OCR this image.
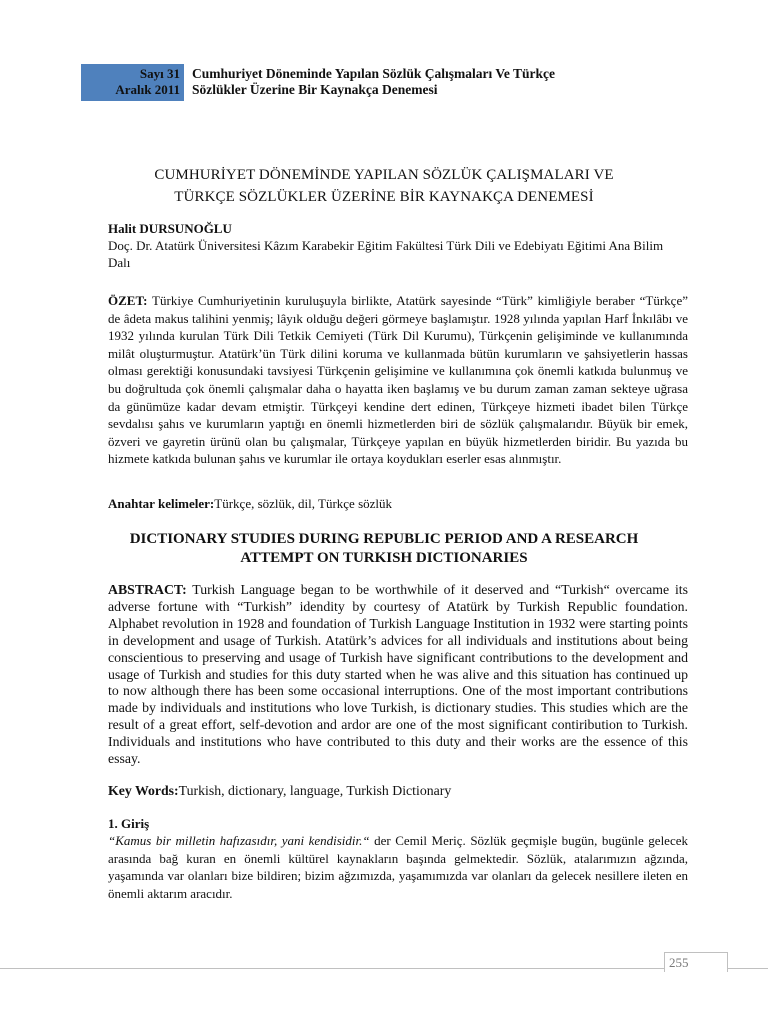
Sayı 31
Aralık 2011
Cumhuriyet Döneminde Yapılan Sözlük Çalışmaları Ve Türkçe
Sözlükler Üzerine Bir Kaynakça Denemesi
CUMHURİYET DÖNEMİNDE YAPILAN SÖZLÜK ÇALIŞMALARI VE
TÜRKÇE SÖZLÜKLER ÜZERİNE BİR KAYNAKÇA DENEMESİ
Halit DURSUNOĞLU
Doç. Dr. Atatürk Üniversitesi Kâzım Karabekir Eğitim Fakültesi Türk Dili ve Edebiyatı Eğitimi Ana Bilim Dalı
ÖZET: Türkiye Cumhuriyetinin kuruluşuyla birlikte, Atatürk sayesinde “Türk” kimliğiyle beraber “Türkçe” de âdeta makus talihini yenmiş; lâyık olduğu değeri görmeye başlamıştır. 1928 yılında yapılan Harf İnkılâbı ve 1932 yılında kurulan Türk Dili Tetkik Cemiyeti (Türk Dil Kurumu), Türkçenin gelişiminde ve kullanımında milât oluşturmuştur. Atatürk’ün Türk dilini koruma ve kullanmada bütün kurumların ve şahsiyetlerin hassas olması gerektiği konusundaki tavsiyesi Türkçenin gelişimine ve kullanımına çok önemli katkıda bulunmuş ve bu doğrultuda çok önemli çalışmalar daha o hayatta iken başlamış ve bu durum zaman zaman sekteye uğrasa da günümüze kadar devam etmiştir. Türkçeyi kendine dert edinen, Türkçeye hizmeti ibadet bilen Türkçe sevdalısı şahıs ve kurumların yaptığı en önemli hizmetlerden biri de sözlük çalışmalarıdır. Büyük bir emek, özveri ve gayretin ürünü olan bu çalışmalar, Türkçeye yapılan en büyük hizmetlerden biridir. Bu yazıda bu hizmete katkıda bulunan şahıs ve kurumlar ile ortaya koydukları eserler esas alınmıştır.
Anahtar kelimeler:Türkçe, sözlük, dil, Türkçe sözlük
DICTIONARY STUDIES DURING REPUBLIC PERIOD AND A RESEARCH
ATTEMPT ON TURKISH DICTIONARIES
ABSTRACT: Turkish Language began to be worthwhile of it deserved and “Turkish“ overcame its adverse fortune with “Turkish” idendity by courtesy of Atatürk by Turkish Republic foundation. Alphabet revolution in 1928 and foundation of Turkish Language Institution in 1932 were starting points in development and usage of Turkish. Atatürk’s advices for all individuals and institutions about being conscientious to preserving and usage of Turkish have significant contributions to the development and usage of Turkish and studies for this duty started when he was alive and this situation has continued up to now although there has been some occasional interruptions. One of the most important contributions made by individuals and institutions who love Turkish, is dictionary studies. This studies which are the result of a great effort, self-devotion and ardor are one of the most significant contiribution to Turkish. Individuals and institutions who have contributed to this duty and their works are the essence of this essay.
Key Words:Turkish, dictionary, language, Turkish Dictionary
1. Giriş
“Kamus bir milletin hafızasıdır, yani kendisidir.“ der Cemil Meriç. Sözlük geçmişle bugün, bugünle gelecek arasında bağ kuran en önemli kültürel kaynakların başında gelmektedir. Sözlük, atalarımızın ağzında, yaşamında var olanları bize bildiren; bizim ağzımızda, yaşamımızda var olanları da gelecek nesillere ileten en önemli aktarım aracıdır.
255
